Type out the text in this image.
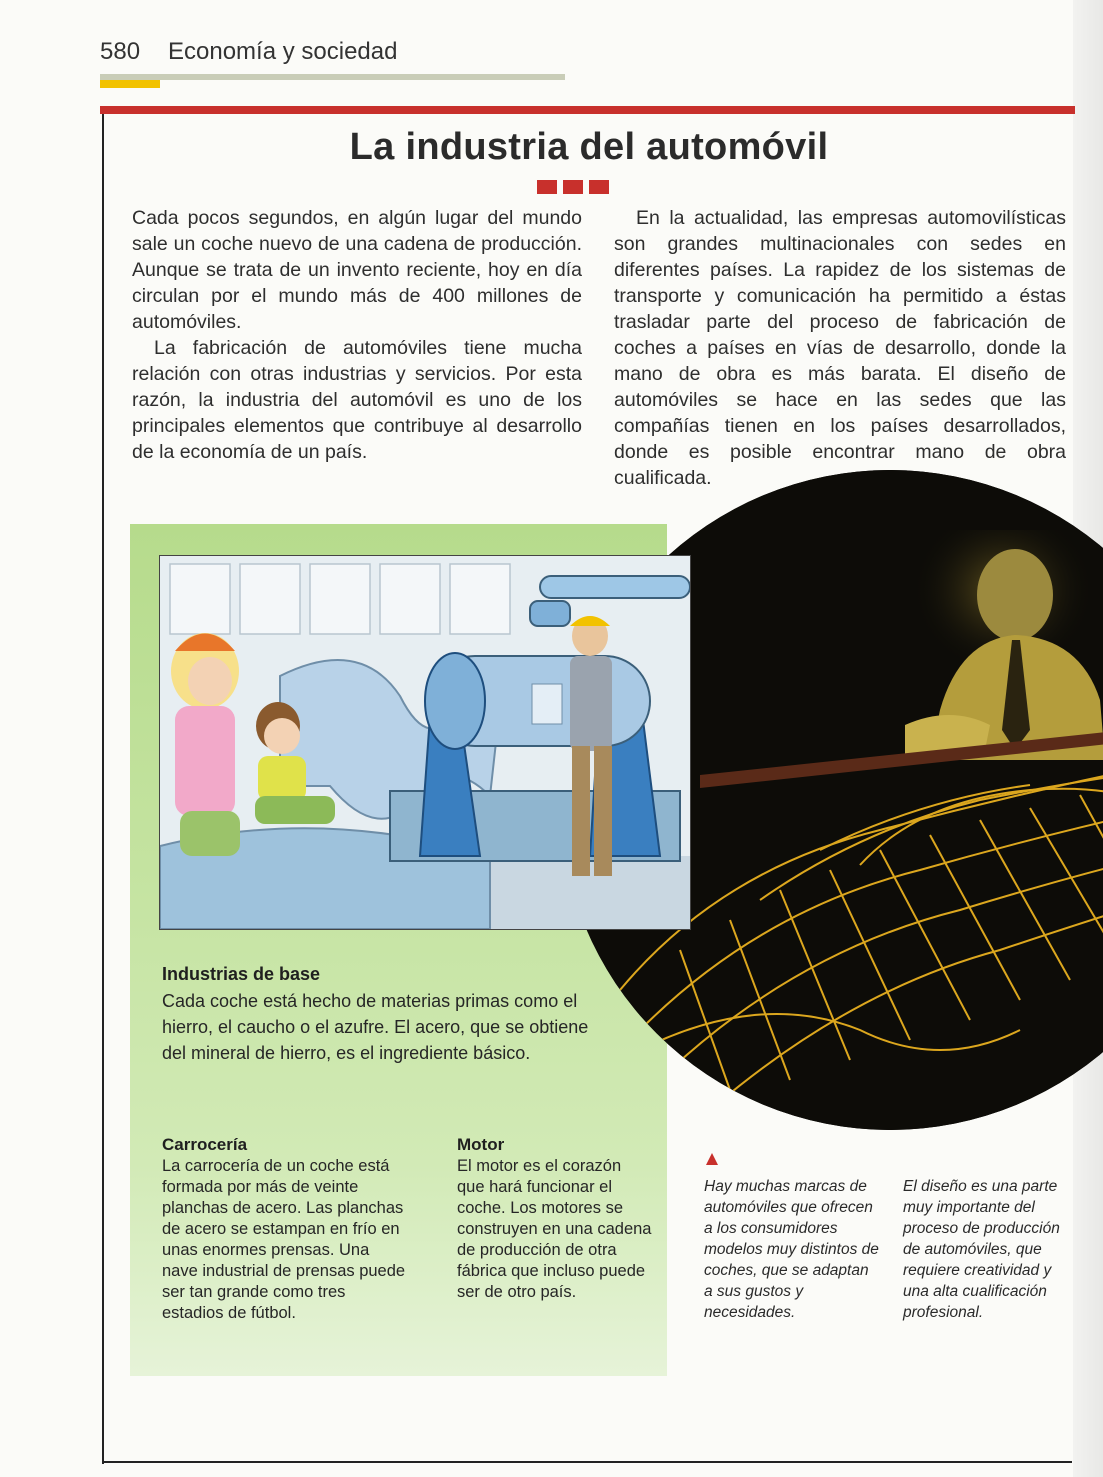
580 Economía y sociedad
La industria del automóvil

Cada pocos segundos, en algún lugar del mundo sale un coche nuevo de una cadena de producción. Aunque se trata de un invento reciente, hoy en día circulan por el mundo más de 400 millones de automóviles.

La fabricación de automóviles tiene mucha relación con otras industrias y servicios. Por esta razón, la industria del automóvil es uno de los principales elementos que contribuye al desarrollo de la economía de un país.

En la actualidad, las empresas automovilísticas son grandes multinacionales con sedes en diferentes países. La rapidez de los sistemas de transporte y comunicación ha permitido a éstas trasladar parte del proceso de fabricación de coches a países en vías de desarrollo, donde la mano de obra es más barata. El diseño de automóviles se hace en las sedes que las compañías tienen en los países desarrollados, donde es posible encontrar mano de obra cualificada.

Industrias de base
Cada coche está hecho de materias primas como el hierro, el caucho o el azufre. El acero, que se obtiene del mineral de hierro, es el ingrediente básico.
Carrocería
La carrocería de un coche está formada por más de veinte planchas de acero. Las planchas de acero se estampan en frío en unas enormes prensas. Una nave industrial de prensas puede ser tan grande como tres estadios de fútbol.
Motor
El motor es el corazón que hará funcionar el coche. Los motores se construyen en una cadena de producción de otra fábrica que incluso puede ser de otro país.
Hay muchas marcas de automóviles que ofrecen a los consumidores modelos muy distintos de coches, que se adaptan a sus gustos y necesidades.
El diseño es una parte muy importante del proceso de producción de automóviles, que requiere creatividad y una alta cualificación profesional.
